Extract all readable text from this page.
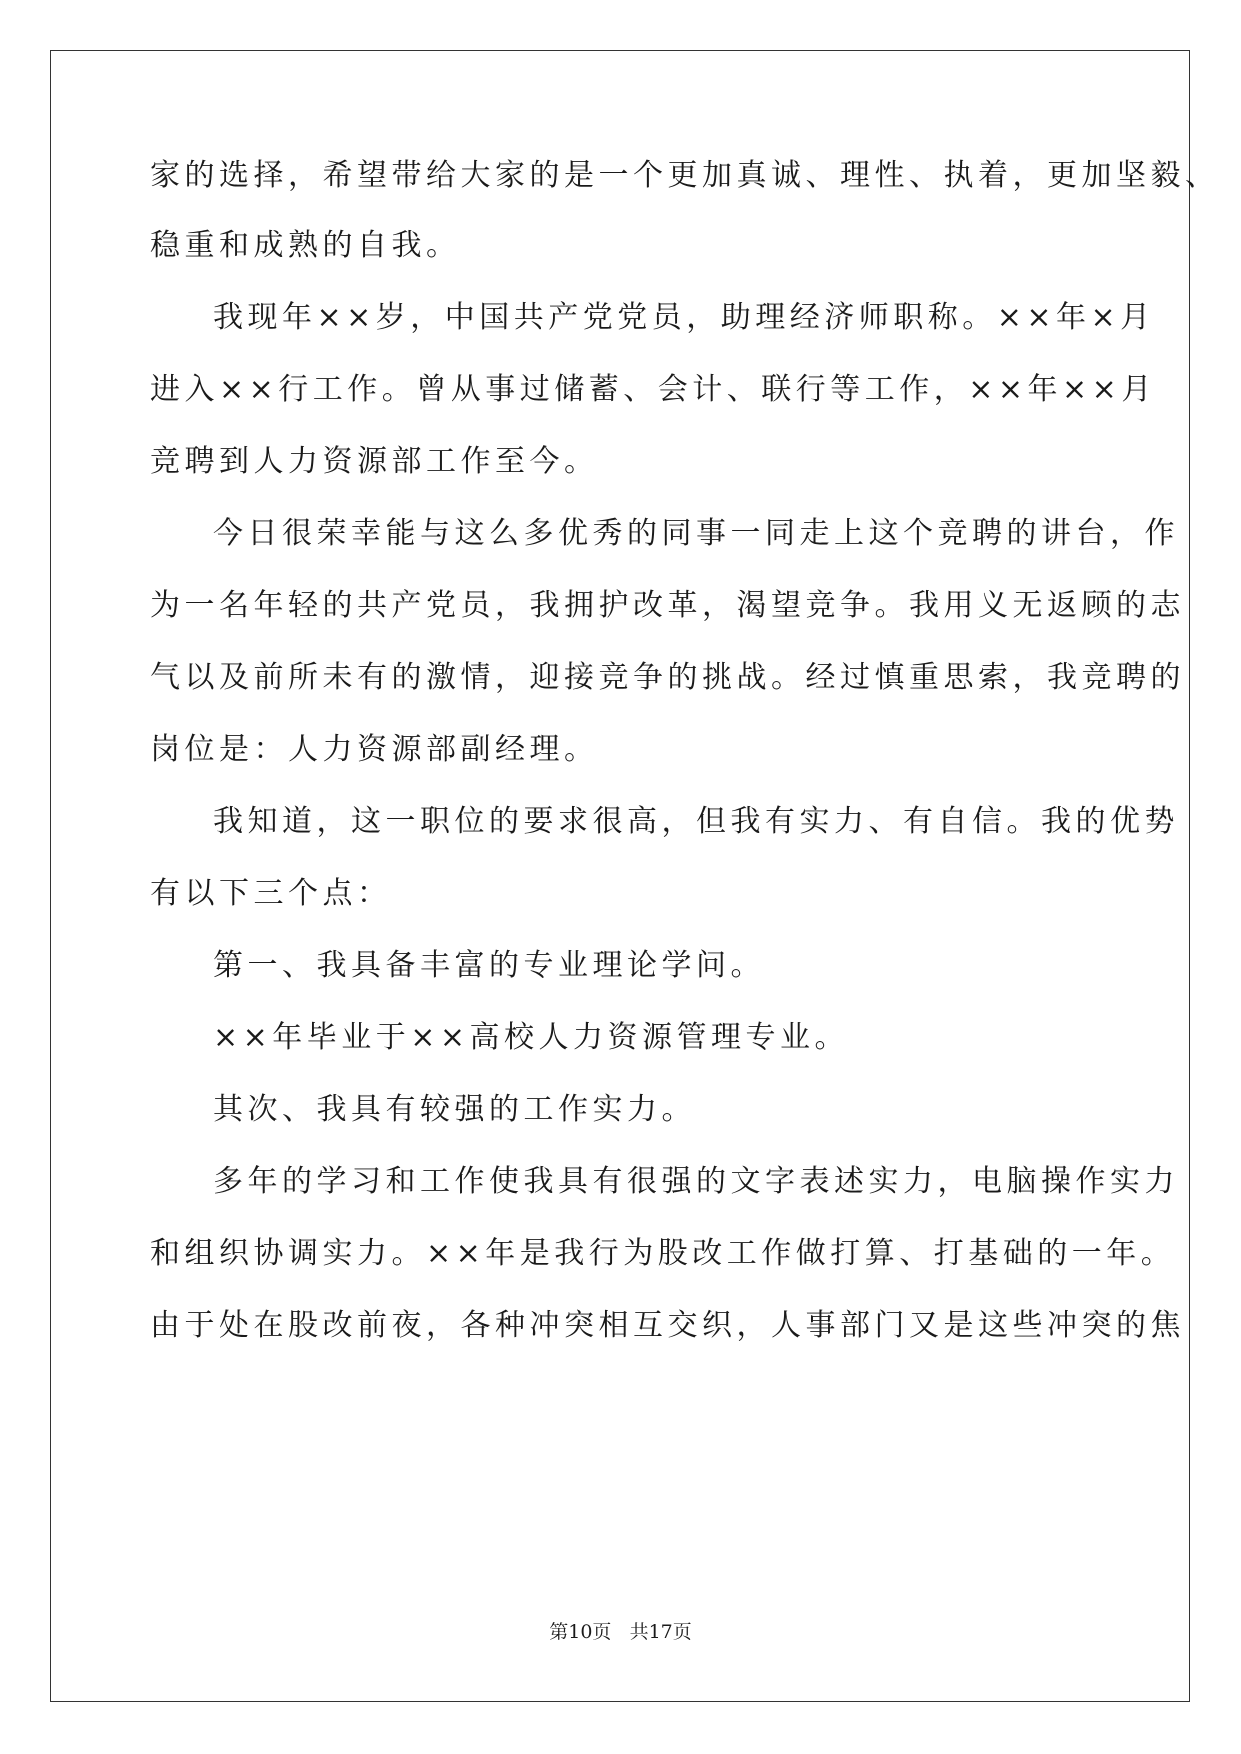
家的选择，希望带给大家的是一个更加真诚、理性、执着，更加坚毅、
稳重和成熟的自我。
我现年××岁，中国共产党党员，助理经济师职称。××年×月
进入××行工作。曾从事过储蓄、会计、联行等工作，××年××月
竞聘到人力资源部工作至今。
今日很荣幸能与这么多优秀的同事一同走上这个竞聘的讲台，作
为一名年轻的共产党员，我拥护改革，渴望竞争。我用义无返顾的志
气以及前所未有的激情，迎接竞争的挑战。经过慎重思索，我竞聘的
岗位是：人力资源部副经理。
我知道，这一职位的要求很高，但我有实力、有自信。我的优势
有以下三个点：
第一、我具备丰富的专业理论学问。
××年毕业于××高校人力资源管理专业。
其次、我具有较强的工作实力。
多年的学习和工作使我具有很强的文字表述实力，电脑操作实力
和组织协调实力。××年是我行为股改工作做打算、打基础的一年。
由于处在股改前夜，各种冲突相互交织，人事部门又是这些冲突的焦
第10页 共17页
